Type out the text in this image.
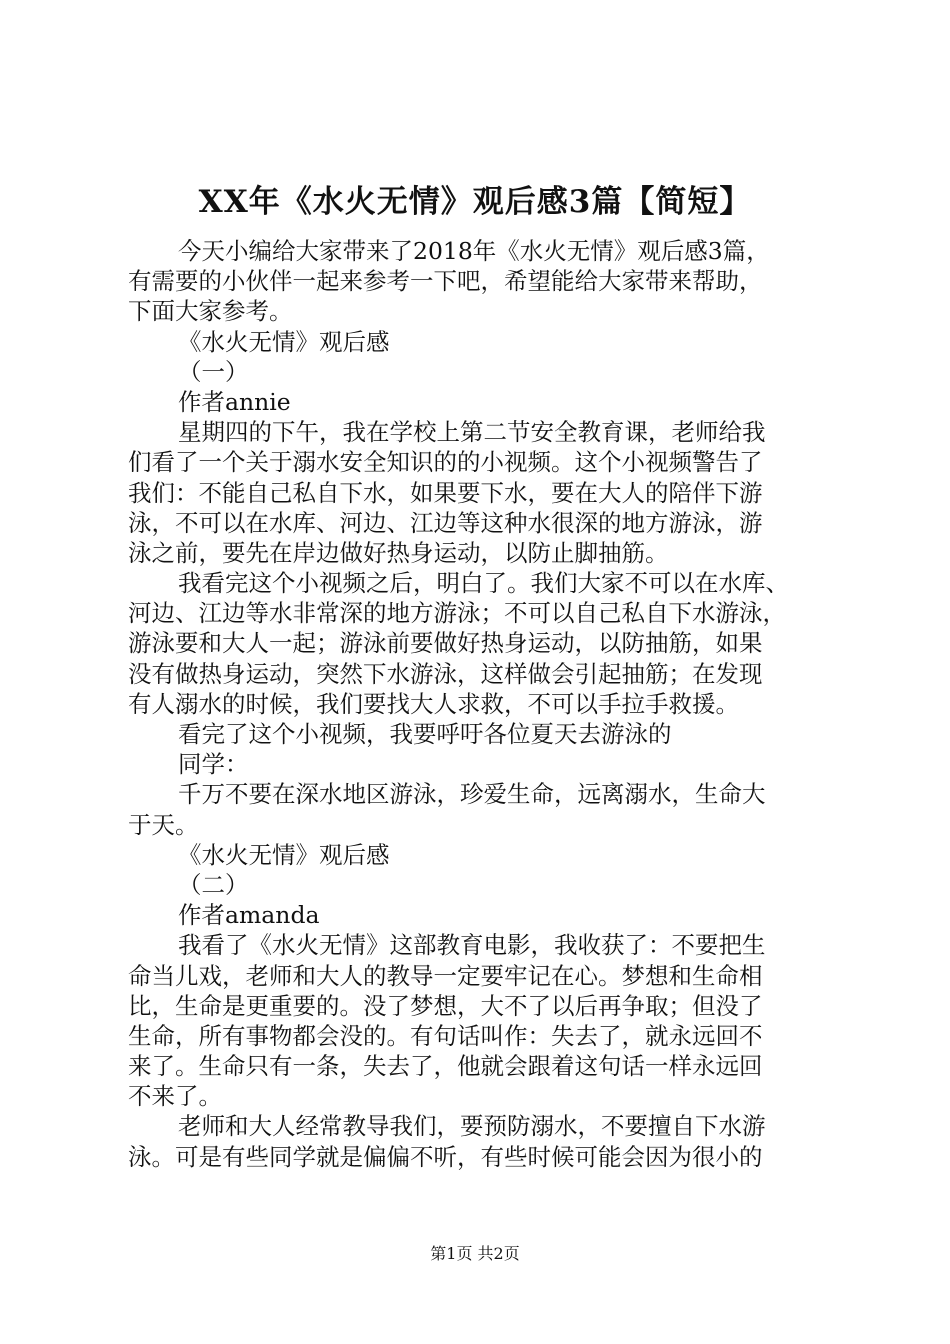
XX年《水火无情》观后感3篇【简短】
今天小编给大家带来了2018年《水火无情》观后感3篇，
有需要的小伙伴一起来参考一下吧，希望能给大家带来帮助，
下面大家参考。
《水火无情》观后感
（一）
作者annie
星期四的下午，我在学校上第二节安全教育课，老师给我
们看了一个关于溺水安全知识的的小视频。这个小视频警告了
我们：不能自己私自下水，如果要下水，要在大人的陪伴下游
泳，不可以在水库、河边、江边等这种水很深的地方游泳，游
泳之前，要先在岸边做好热身运动，以防止脚抽筋。
我看完这个小视频之后，明白了。我们大家不可以在水库、
河边、江边等水非常深的地方游泳；不可以自己私自下水游泳，
游泳要和大人一起；游泳前要做好热身运动，以防抽筋，如果
没有做热身运动，突然下水游泳，这样做会引起抽筋；在发现
有人溺水的时候，我们要找大人求救，不可以手拉手救援。
看完了这个小视频，我要呼吁各位夏天去游泳的
同学：
千万不要在深水地区游泳，珍爱生命，远离溺水，生命大
于天。
《水火无情》观后感
（二）
作者amanda
我看了《水火无情》这部教育电影，我收获了：不要把生
命当儿戏，老师和大人的教导一定要牢记在心。梦想和生命相
比，生命是更重要的。没了梦想，大不了以后再争取；但没了
生命，所有事物都会没的。有句话叫作：失去了，就永远回不
来了。生命只有一条，失去了，他就会跟着这句话一样永远回
不来了。
老师和大人经常教导我们，要预防溺水，不要擅自下水游
泳。可是有些同学就是偏偏不听，有些时候可能会因为很小的
第1页 共2页
